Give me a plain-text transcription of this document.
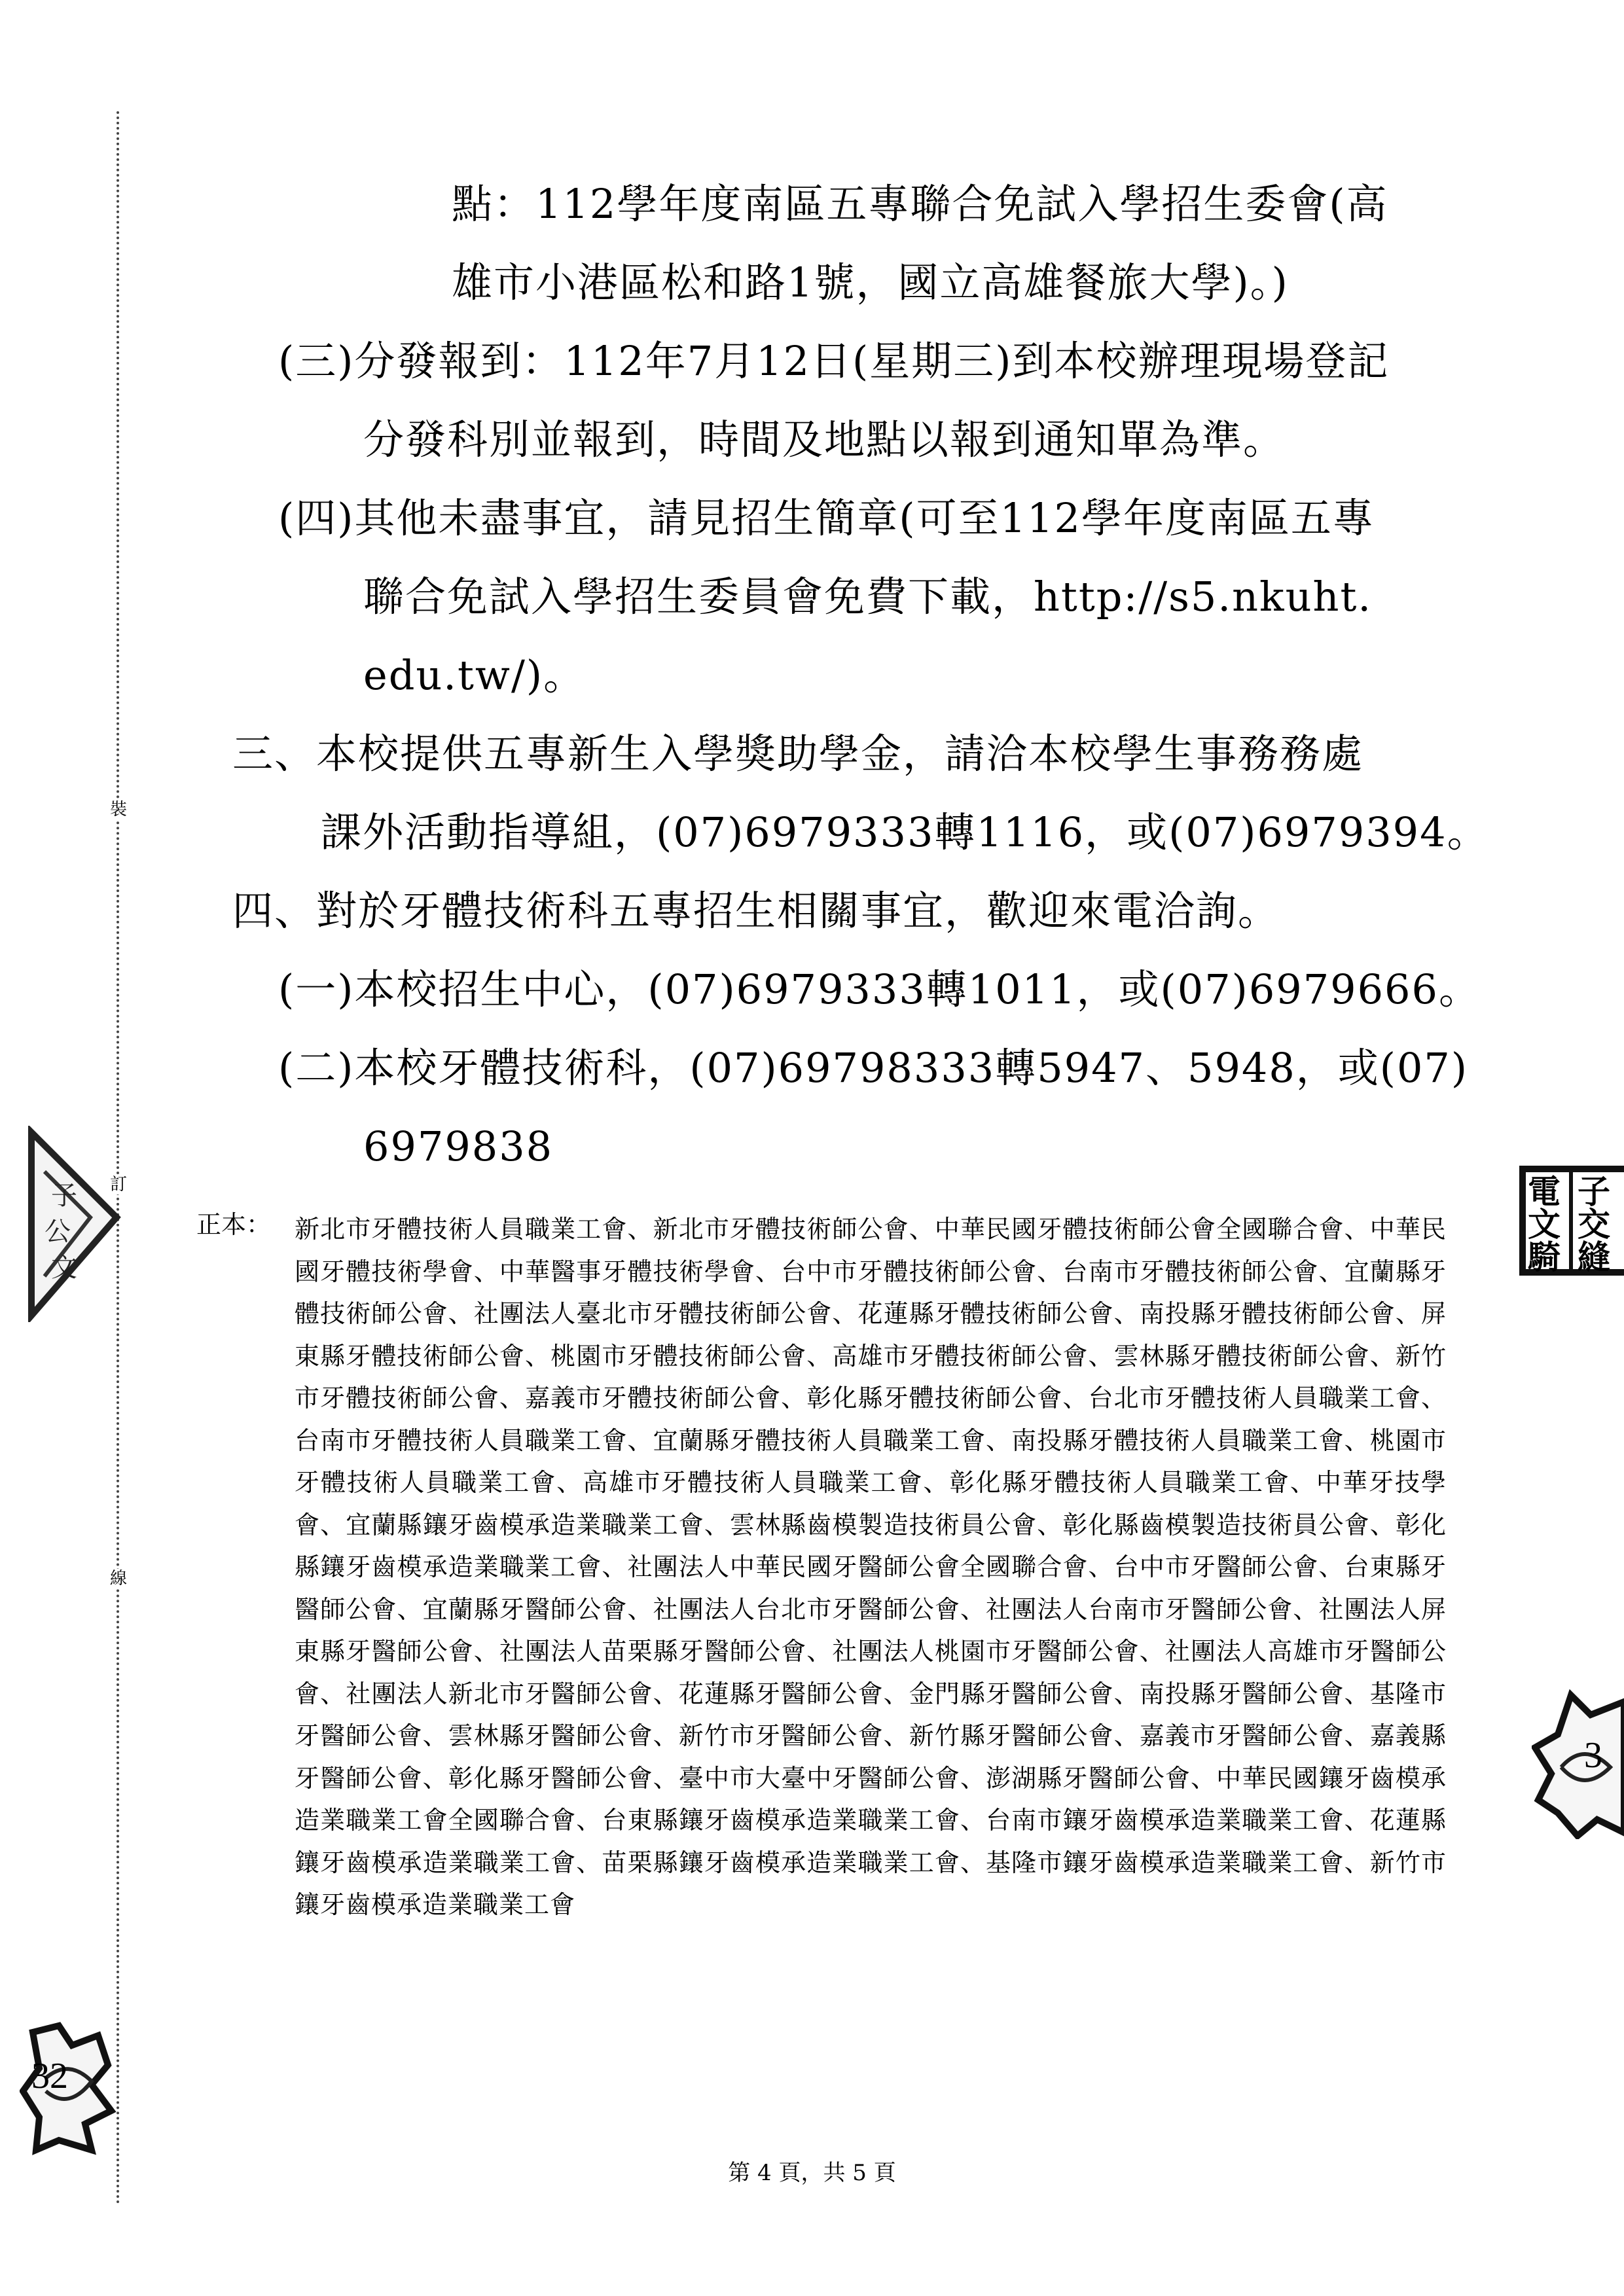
裝
訂
線
點：112學年度南區五專聯合免試入學招生委會(高
雄市小港區松和路1號，國立高雄餐旅大學)。)
(三)分發報到：112年7月12日(星期三)到本校辦理現場登記
分發科別並報到，時間及地點以報到通知單為準。
(四)其他未盡事宜，請見招生簡章(可至112學年度南區五專
聯合免試入學招生委員會免費下載，http://s5.nkuht.
edu.tw/)。
三、本校提供五專新生入學獎助學金，請洽本校學生事務務處
課外活動指導組，(07)6979333轉1116，或(07)6979394。
四、對於牙體技術科五專招生相關事宜，歡迎來電洽詢。
(一)本校招生中心，(07)6979333轉1011，或(07)6979666。
(二)本校牙體技術科，(07)69798333轉5947、5948，或(07)
6979838
正本： 新北市牙體技術人員職業工會、新北市牙體技術師公會、中華民國牙體技術師公會全國聯合會、中華民國牙體技術學會、中華醫事牙體技術學會、台中市牙體技術師公會、台南市牙體技術師公會、宜蘭縣牙體技術師公會、社團法人臺北市牙體技術師公會、花蓮縣牙體技術師公會、南投縣牙體技術師公會、屏東縣牙體技術師公會、桃園市牙體技術師公會、高雄市牙體技術師公會、雲林縣牙體技術師公會、新竹市牙體技術師公會、嘉義市牙體技術師公會、彰化縣牙體技術師公會、台北市牙體技術人員職業工會、台南市牙體技術人員職業工會、宜蘭縣牙體技術人員職業工會、南投縣牙體技術人員職業工會、桃園市牙體技術人員職業工會、高雄市牙體技術人員職業工會、彰化縣牙體技術人員職業工會、中華牙技學會、宜蘭縣鑲牙齒模承造業職業工會、雲林縣齒模製造技術員公會、彰化縣齒模製造技術員公會、彰化縣鑲牙齒模承造業職業工會、社團法人中華民國牙醫師公會全國聯合會、台中市牙醫師公會、台東縣牙醫師公會、宜蘭縣牙醫師公會、社團法人台北市牙醫師公會、社團法人台南市牙醫師公會、社團法人屏東縣牙醫師公會、社團法人苗栗縣牙醫師公會、社團法人桃園市牙醫師公會、社團法人高雄市牙醫師公會、社團法人新北市牙醫師公會、花蓮縣牙醫師公會、金門縣牙醫師公會、南投縣牙醫師公會、基隆市牙醫師公會、雲林縣牙醫師公會、新竹市牙醫師公會、新竹縣牙醫師公會、嘉義市牙醫師公會、嘉義縣牙醫師公會、彰化縣牙醫師公會、臺中市大臺中牙醫師公會、澎湖縣牙醫師公會、中華民國鑲牙齒模承造業職業工會全國聯合會、台東縣鑲牙齒模承造業職業工會、台南市鑲牙齒模承造業職業工會、花蓮縣鑲牙齒模承造業職業工會、苗栗縣鑲牙齒模承造業職業工會、基隆市鑲牙齒模承造業職業工會、新竹市鑲牙齒模承造業職業工會
第 4 頁，共 5 頁
子
公
文
電
文
騎
子
交
縫
3
32
